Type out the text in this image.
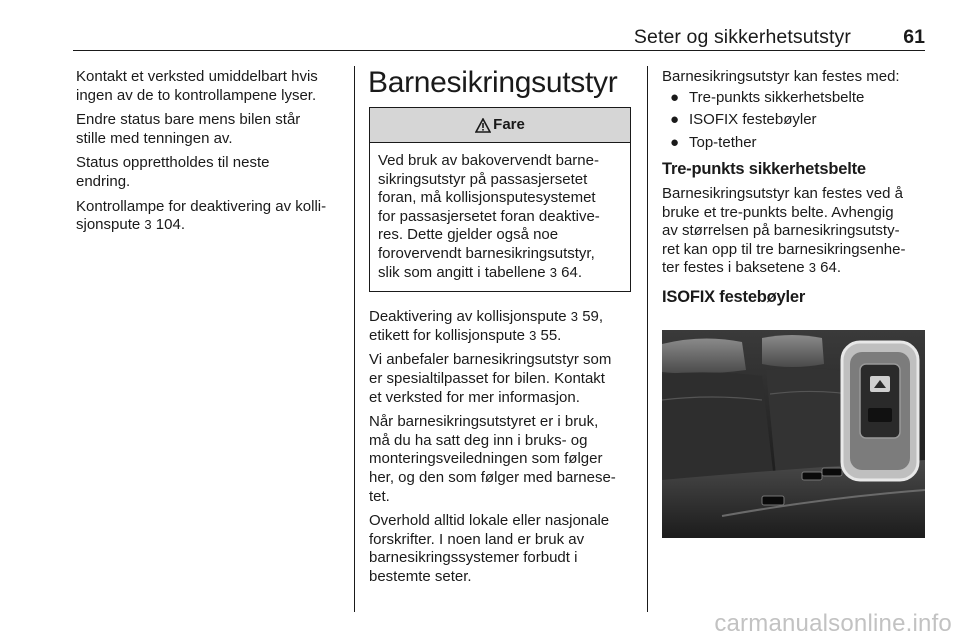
Seter og sikkerhetsutstyr	61
Kontakt et verksted umiddelbart hvis
ingen av de to kontrollampene lyser.
Endre status bare mens bilen står
stille med tenningen av.
Status opprettholdes til neste
endring.
Kontrollampe for deaktivering av kolli-
sjonspute 3 104.
Barnesikringsutstyr
Fare
Ved bruk av bakovervendt barne-
sikringsutstyr på passasjersetet
foran, må kollisjonsputesystemet
for passasjersetet foran deaktive-
res. Dette gjelder også noe
forovervendt barnesikringsutstyr,
slik som angitt i tabellene 3 64.
Deaktivering av kollisjonspute 3 59,
etikett for kollisjonspute 3 55.
Vi anbefaler barnesikringsutstyr som
er spesialtilpasset for bilen. Kontakt
et verksted for mer informasjon.
Når barnesikringsutstyret er i bruk,
må du ha satt deg inn i bruks- og
monteringsveiledningen som følger
her, og den som følger med barnese-
tet.
Overhold alltid lokale eller nasjonale
forskrifter. I noen land er bruk av
barnesikringssystemer forbudt i
bestemte seter.
Barnesikringsutstyr kan festes med:
● Tre-punkts sikkerhetsbelte
● ISOFIX festebøyler
● Top-tether
Tre-punkts sikkerhetsbelte
Barnesikringsutstyr kan festes ved å
bruke et tre-punkts belte. Avhengig
av størrelsen på barnesikringsutsty-
ret kan opp til tre barnesikringsenhe-
ter festes i baksetene 3 64.
ISOFIX festebøyler
carmanualsonline.info
